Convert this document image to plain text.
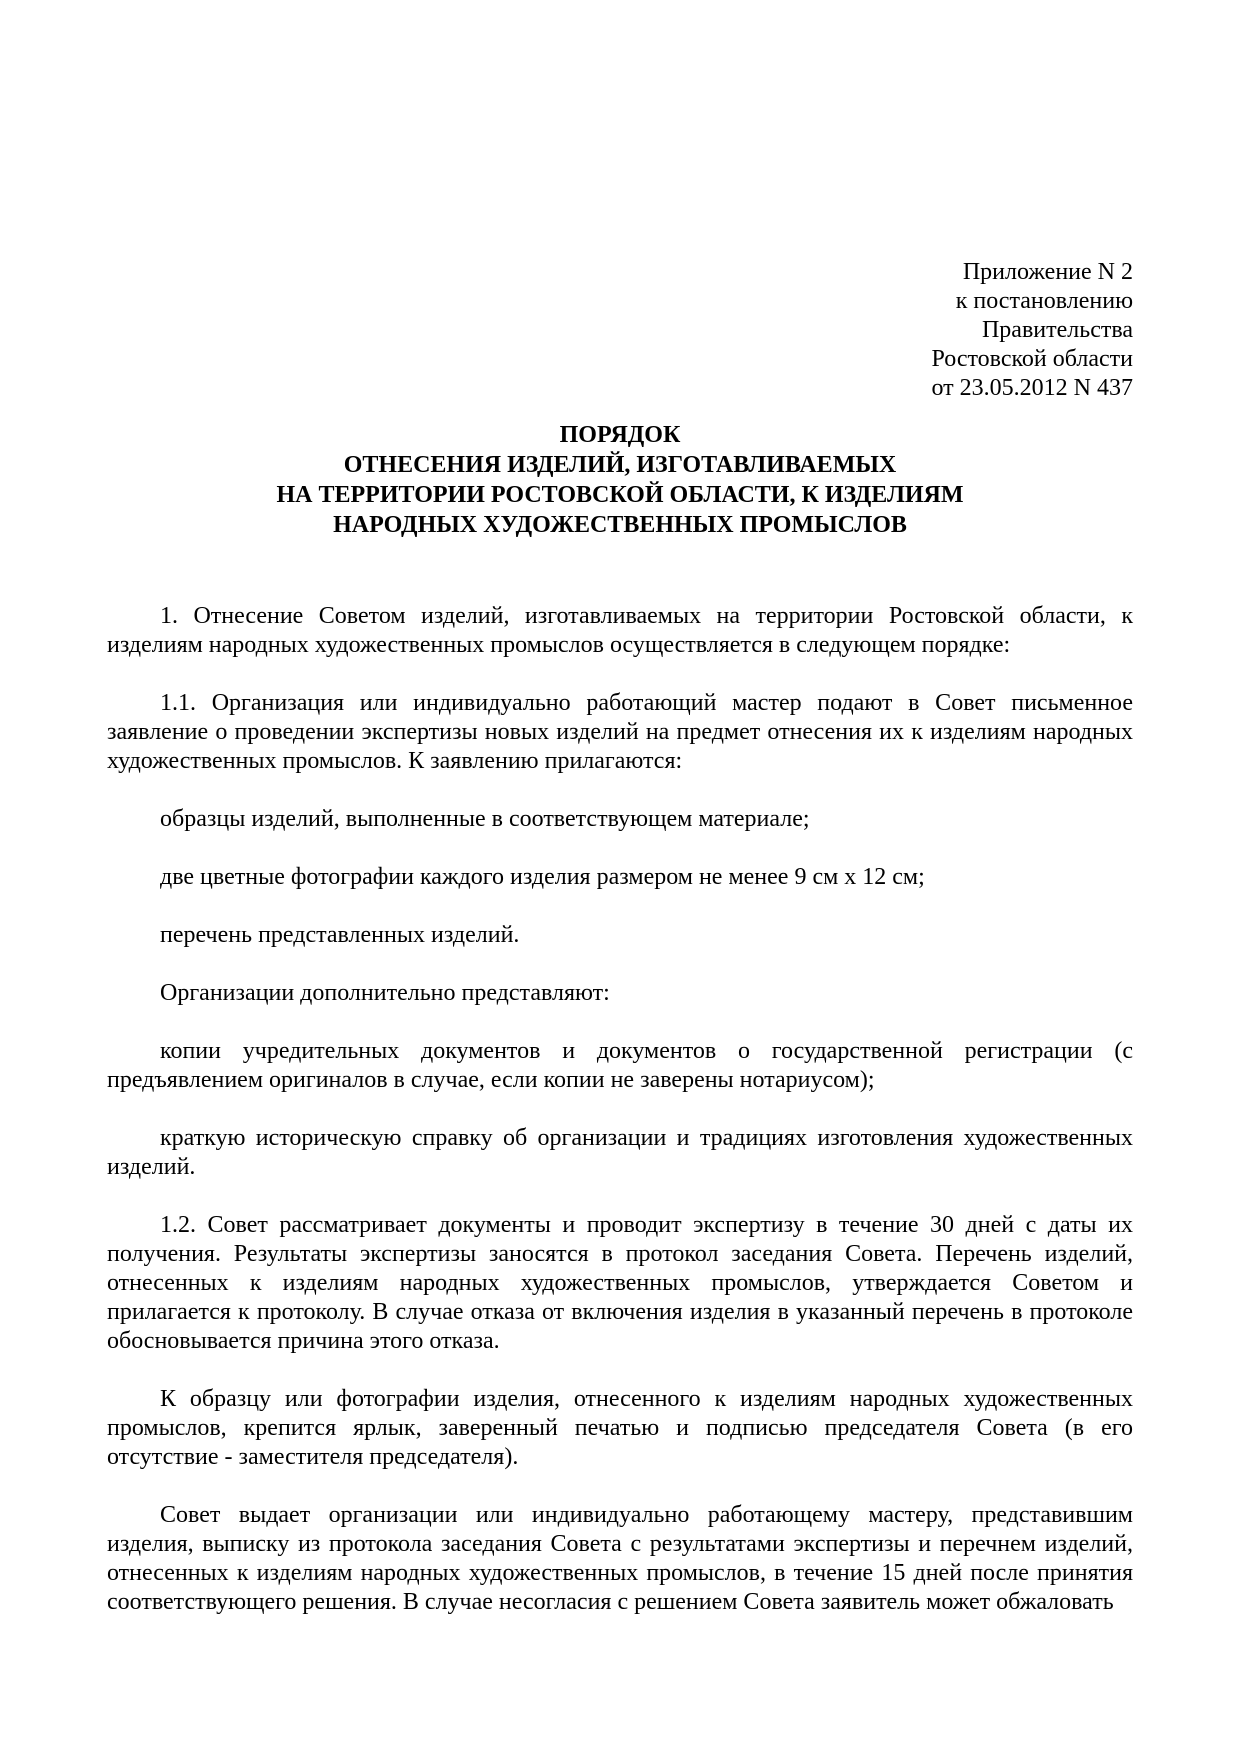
Приложение N 2
к постановлению
Правительства
Ростовской области
от 23.05.2012 N 437
ПОРЯДОК
ОТНЕСЕНИЯ ИЗДЕЛИЙ, ИЗГОТАВЛИВАЕМЫХ
НА ТЕРРИТОРИИ РОСТОВСКОЙ ОБЛАСТИ, К ИЗДЕЛИЯМ
НАРОДНЫХ ХУДОЖЕСТВЕННЫХ ПРОМЫСЛОВ

1. Отнесение Советом изделий, изготавливаемых на территории Ростовской области, к изделиям народных художественных промыслов осуществляется в следующем порядке:

1.1. Организация или индивидуально работающий мастер подают в Совет письменное заявление о проведении экспертизы новых изделий на предмет отнесения их к изделиям народных художественных промыслов. К заявлению прилагаются:

образцы изделий, выполненные в соответствующем материале;

две цветные фотографии каждого изделия размером не менее 9 см x 12 см;

перечень представленных изделий.

Организации дополнительно представляют:

копии учредительных документов и документов о государственной регистрации (с предъявлением оригиналов в случае, если копии не заверены нотариусом);

краткую историческую справку об организации и традициях изготовления художественных изделий.

1.2. Совет рассматривает документы и проводит экспертизу в течение 30 дней с даты их получения. Результаты экспертизы заносятся в протокол заседания Совета. Перечень изделий, отнесенных к изделиям народных художественных промыслов, утверждается Советом и прилагается к протоколу. В случае отказа от включения изделия в указанный перечень в протоколе обосновывается причина этого отказа.

К образцу или фотографии изделия, отнесенного к изделиям народных художественных промыслов, крепится ярлык, заверенный печатью и подписью председателя Совета (в его отсутствие - заместителя председателя).

Совет выдает организации или индивидуально работающему мастеру, представившим изделия, выписку из протокола заседания Совета с результатами экспертизы и перечнем изделий, отнесенных к изделиям народных художественных промыслов, в течение 15 дней после принятия соответствующего решения. В случае несогласия с решением Совета заявитель может обжаловать
